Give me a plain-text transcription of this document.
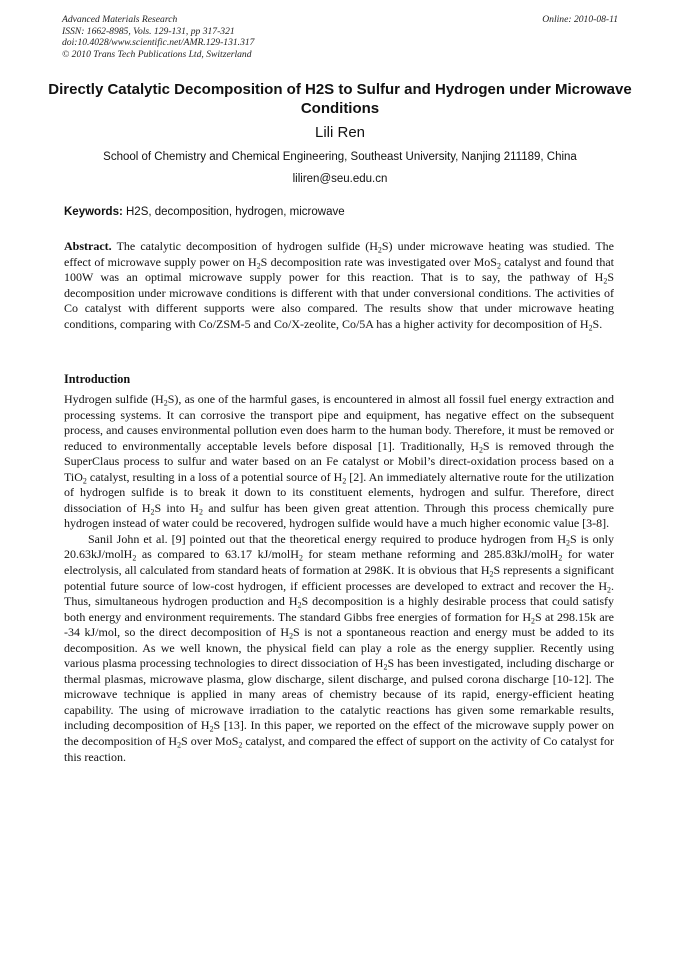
Advanced Materials Research
ISSN: 1662-8985, Vols. 129-131, pp 317-321
doi:10.4028/www.scientific.net/AMR.129-131.317
© 2010 Trans Tech Publications Ltd, Switzerland
Online: 2010-08-11
Directly Catalytic Decomposition of H2S to Sulfur and Hydrogen under Microwave Conditions
Lili Ren
School of Chemistry and Chemical Engineering, Southeast University, Nanjing 211189, China
liliren@seu.edu.cn
Keywords: H2S, decomposition, hydrogen, microwave
Abstract. The catalytic decomposition of hydrogen sulfide $(H_2S)$ under microwave heating was studied. The effect of microwave supply power on $H_2S$ decomposition rate was investigated over MoS$_2$ catalyst and found that 100W was an optimal microwave supply power for this reaction. That is to say, the pathway of $H_2S$ decomposition under microwave conditions is different with that under conversional conditions. The activities of Co catalyst with different supports were also compared. The results show that under microwave heating conditions, comparing with Co/ZSM-5 and Co/X-zeolite, Co/5A has a higher activity for decomposition of $H_2S$.
Introduction

Hydrogen sulfide $(H_2S)$, as one of the harmful gases, is encountered in almost all fossil fuel energy extraction and processing systems. It can corrosive the transport pipe and equipment, has negative effect on the subsequent process, and causes environmental pollution even does harm to the human body. Therefore, it must be removed or reduced to environmentally acceptable levels before disposal [1]. Traditionally, $H_2S$ is removed through the SuperClaus process to sulfur and water based on an Fe catalyst or Mobil’s direct-oxidation process based on a TiO$_2$ catalyst, resulting in a loss of a potential source of $H_2$ [2]. An immediately alternative route for the utilization of hydrogen sulfide is to break it down to its constituent elements, hydrogen and sulfur. Therefore, direct dissociation of $H_2S$ into $H_2$ and sulfur has been given great attention. Through this process chemically pure hydrogen instead of water could be recovered, hydrogen sulfide would have a much higher economic value [3-8].

Sanil John et al. [9] pointed out that the theoretical energy required to produce hydrogen from $H_2S$ is only 20.63kJ/molH$_2$ as compared to 63.17 kJ/molH$_2$ for steam methane reforming and 285.83kJ/molH$_2$ for water electrolysis, all calculated from standard heats of formation at 298K. It is obvious that $H_2S$ represents a significant potential future source of low-cost hydrogen, if efficient processes are developed to extract and recover the $H_2$. Thus, simultaneous hydrogen production and $H_2S$ decomposition is a highly desirable process that could satisfy both energy and environment requirements. The standard Gibbs free energies of formation for $H_2S$ at 298.15k are -34 kJ/mol, so the direct decomposition of $H_2S$ is not a spontaneous reaction and energy must be added to its decomposition. As we well known, the physical field can play a role as the energy supplier. Recently using various plasma processing technologies to direct dissociation of $H_2S$ has been investigated, including discharge or thermal plasmas, microwave plasma, glow discharge, silent discharge, and pulsed corona discharge [10-12]. The microwave technique is applied in many areas of chemistry because of its rapid, energy-efficient heating capability. The using of microwave irradiation to the catalytic reactions has given some remarkable results, including decomposition of $H_2S$ [13]. In this paper, we reported on the effect of the microwave supply power on the decomposition of $H_2S$ over MoS$_2$ catalyst, and compared the effect of support on the activity of Co catalyst for this reaction.
